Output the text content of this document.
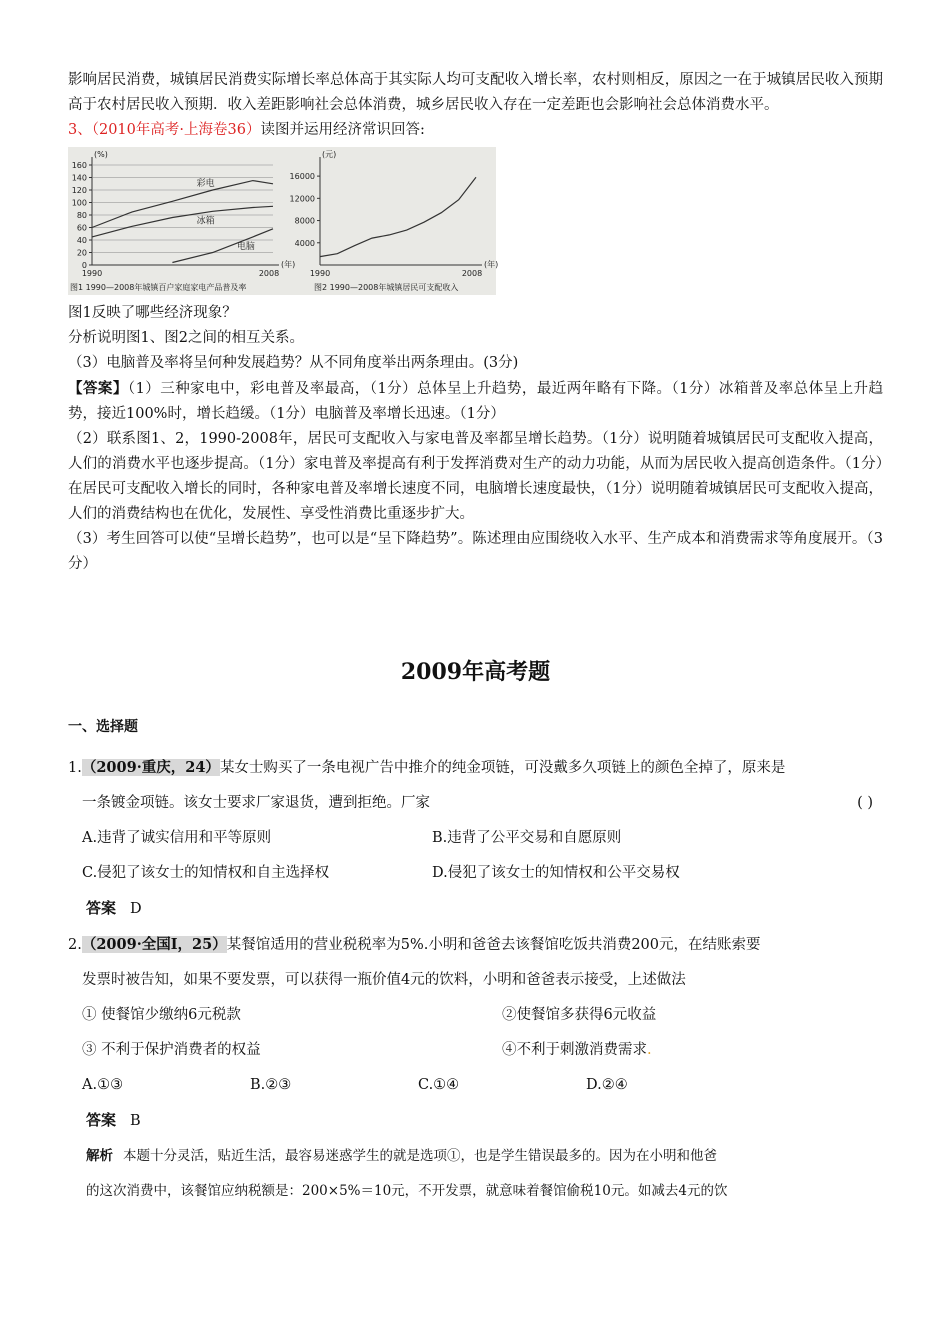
影响居民消费，城镇居民消费实际增长率总体高于其实际人均可支配收入增长率，农村则相反，原因之一在于城镇居民收入预期高于农村居民收入预期．收入差距影响社会总体消费，城乡居民收入存在一定差距也会影响社会总体消费水平。

3、（2010年高考·上海卷36）读图并运用经济常识回答:

0
20
40
60
80
100
120
140
160
(%)
(年)
1990	2008
彩电
冰箱
电脑
图1 1990—2008年城镇百户家庭家电产品普及率
4000
8000
12000
16000
(元)
(年)
1990	2008
图2 1990—2008年城镇居民可支配收入

图1反映了哪些经济现象？

分析说明图1、图2之间的相互关系。

（3）电脑普及率将呈何种发展趋势？从不同角度举出两条理由。(3分)

【答案】（1）三种家电中，彩电普及率最高，（1分）总体呈上升趋势，最近两年略有下降。（1分）冰箱普及率总体呈上升趋势，接近100%时，增长趋缓。（1分）电脑普及率增长迅速。（1分）

（2）联系图1、2，1990-2008年，居民可支配收入与家电普及率都呈增长趋势。（1分）说明随着城镇居民可支配收入提高，人们的消费水平也逐步提高。（1分）家电普及率提高有利于发挥消费对生产的动力功能，从而为居民收入提高创造条件。（1分）在居民可支配收入增长的同时，各种家电普及率增长速度不同，电脑增长速度最快，（1分）说明随着城镇居民可支配收入提高，人们的消费结构也在优化，发展性、享受性消费比重逐步扩大。

（3）考生回答可以使“呈增长趋势”，也可以是“呈下降趋势”。陈述理由应围绕收入水平、生产成本和消费需求等角度展开。（3分）

2009年高考题
一、选择题
1.（2009·重庆，24）某女士购买了一条电视广告中推介的纯金项链，可没戴多久项链上的颜色全掉了，原来是
一条镀金项链。该女士要求厂家退货，遭到拒绝。厂家	( )
A.违背了诚实信用和平等原则	B.违背了公平交易和自愿原则
C.侵犯了该女士的知情权和自主选择权	D.侵犯了该女士的知情权和公平交易权
答案 D
2.（2009·全国Ⅰ，25）某餐馆适用的营业税税率为5%.小明和爸爸去该餐馆吃饭共消费200元，在结账索要
发票时被告知，如果不要发票，可以获得一瓶价值4元的饮料，小明和爸爸表示接受，上述做法
① 使餐馆少缴纳6元税款	②使餐馆多获得6元收益
③ 不利于保护消费者的权益	④不利于刺激消费需求.
A.①③	B.②③	C.①④	D.②④
答案 B
解析 本题十分灵活，贴近生活，最容易迷惑学生的就是选项①，也是学生错误最多的。因为在小明和他爸
的这次消费中，该餐馆应纳税额是：200×5%＝10元，不开发票，就意味着餐馆偷税10元。如减去4元的饮
